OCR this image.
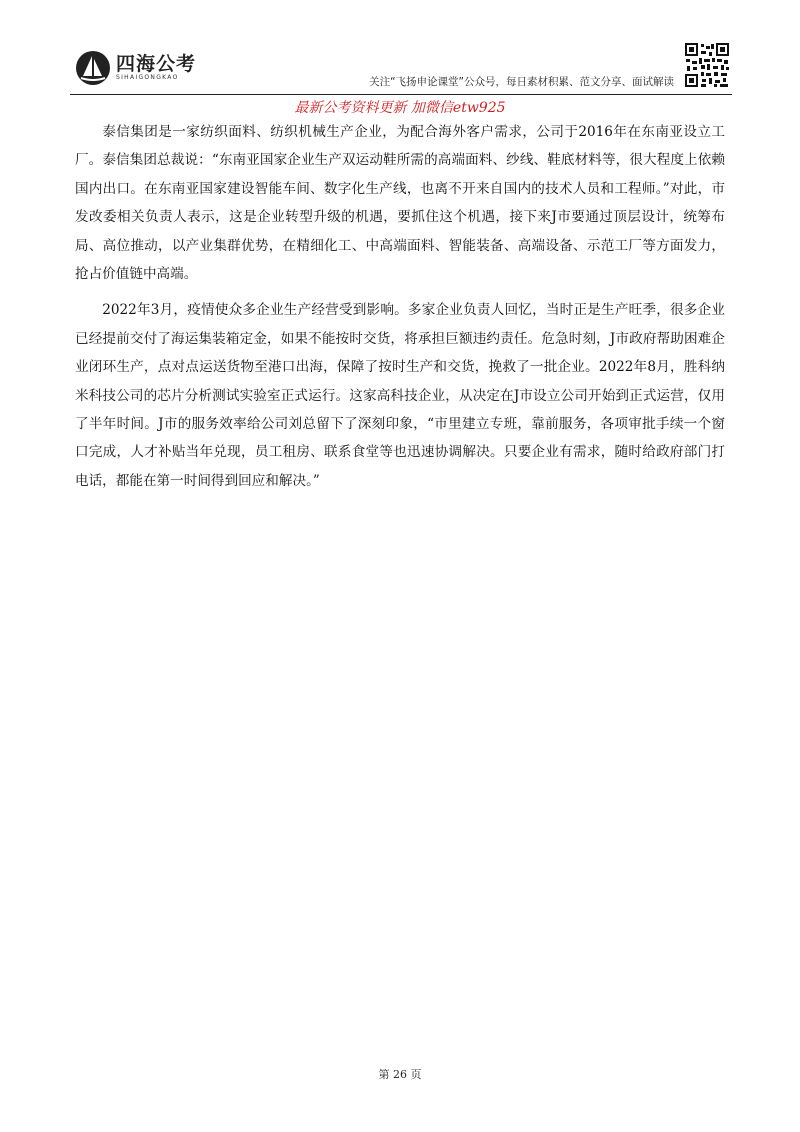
四海公考
SIHAIGONGKAO	关注“飞扬申论课堂”公众号，每日素材积累、范文分享、面试解读
最新公考资料更新 加微信etw925

泰信集团是一家纺织面料、纺织机械生产企业，为配合海外客户需求，公司于2016年在东南亚设立工厂。泰信集团总裁说：“东南亚国家企业生产双运动鞋所需的高端面料、纱线、鞋底材料等，很大程度上依赖国内出口。在东南亚国家建设智能车间、数字化生产线，也离不开来自国内的技术人员和工程师。”对此，市发改委相关负责人表示，这是企业转型升级的机遇，要抓住这个机遇，接下来J市要通过顶层设计，统筹布局、高位推动，以产业集群优势，在精细化工、中高端面料、智能装备、高端设备、示范工厂等方面发力，抢占价值链中高端。

2022年3月，疫情使众多企业生产经营受到影响。多家企业负责人回忆，当时正是生产旺季，很多企业已经提前交付了海运集装箱定金，如果不能按时交货，将承担巨额违约责任。危急时刻，J市政府帮助困难企业闭环生产，点对点运送货物至港口出海，保障了按时生产和交货，挽救了一批企业。2022年8月，胜科纳米科技公司的芯片分析测试实验室正式运行。这家高科技企业，从决定在J市设立公司开始到正式运营，仅用了半年时间。J市的服务效率给公司刘总留下了深刻印象，“市里建立专班，靠前服务，各项审批手续一个窗口完成，人才补贴当年兑现，员工租房、联系食堂等也迅速协调解决。只要企业有需求，随时给政府部门打电话，都能在第一时间得到回应和解决。”

第 26 页
